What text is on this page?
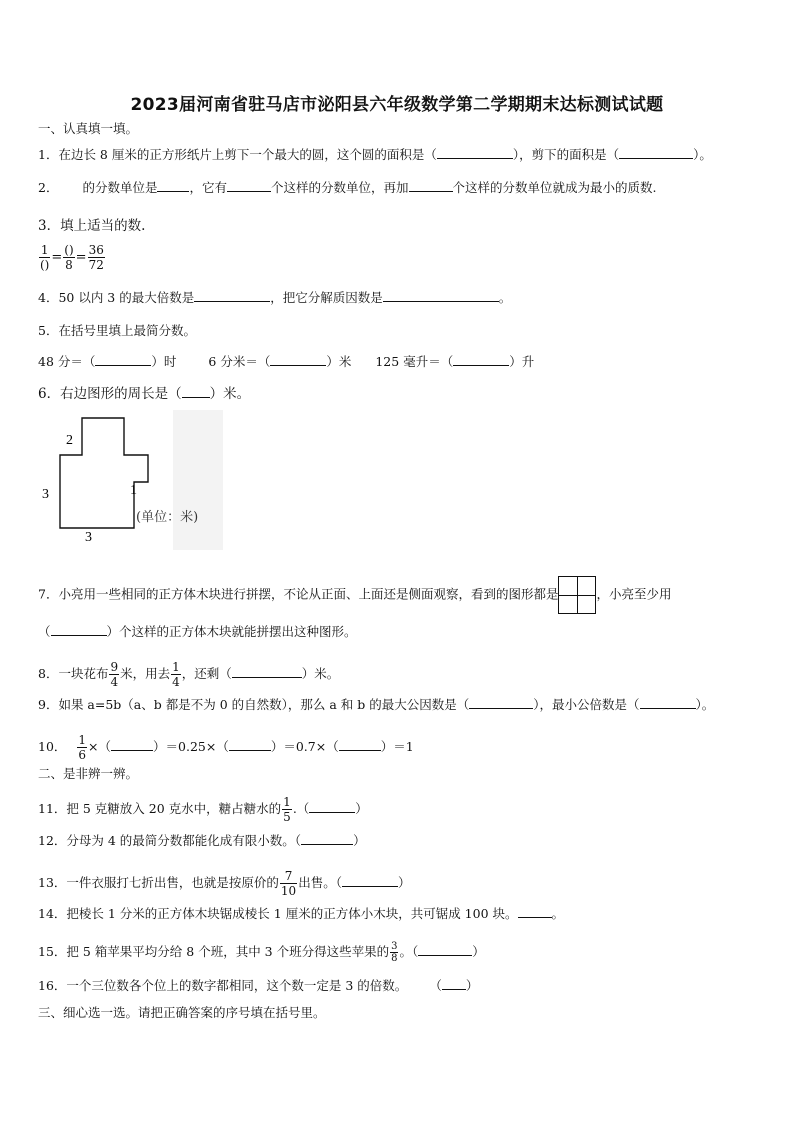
2023届河南省驻马店市泌阳县六年级数学第二学期期末达标测试试题
一、认真填一填。
1．在边长 8 厘米的正方形纸片上剪下一个最大的圆，这个圆的面积是（	），剪下的面积是（	）。
2． 的分数单位是	，它有	个这样的分数单位，再加	个这样的分数单位就成为最小的质数.
3．填上适当的数.
$\frac{1}{()} = \frac{()}{8} = \frac{36}{72}$
4．50 以内 3 的最大倍数是	，把它分解质因数是	。
5．在括号里填上最简分数。
48 分＝（	）时	6 分米＝（	）米 125 毫升＝（	）升
6．右边图形的周长是（ ）米。
2
3	1
3
(单位：米)
7．小亮用一些相同的正方体木块进行拼摆，不论从正面、上面还是侧面观察，看到的图形都是	，小亮至少用
（	）个这样的正方体木块就能拼摆出这种图形。
8．一块花布 $\frac{9}{4}$ 米，用去 $\frac{1}{4}$ ，还剩（	）米。
9．如果 a=5b（a、b 都是不为 0 的自然数），那么 a 和 b 的最大公因数是（	），最小公倍数是（	）。
10． $\frac{1}{6}$ ×（	）＝0.25×（	）＝0.7×（	）＝1
二、是非辨一辨。
11．把 5 克糖放入 20 克水中，糖占糖水的 $\frac{1}{5}$ .（	）
12．分母为 4 的最简分数都能化成有限小数。（	）
13．一件衣服打七折出售，也就是按原价的 $\frac{7}{10}$ 出售。（	）
14．把棱长 1 分米的正方体木块锯成棱长 1 厘米的正方体小木块，共可锯成 100 块。	。
15．把 5 箱苹果平均分给 8 个班，其中 3 个班分得这些苹果的 $\frac{3}{8}$ 。（	）
16．一个三位数各个位上的数字都相同，这个数一定是 3 的倍数。 （ ）
三、细心选一选。请把正确答案的序号填在括号里。
